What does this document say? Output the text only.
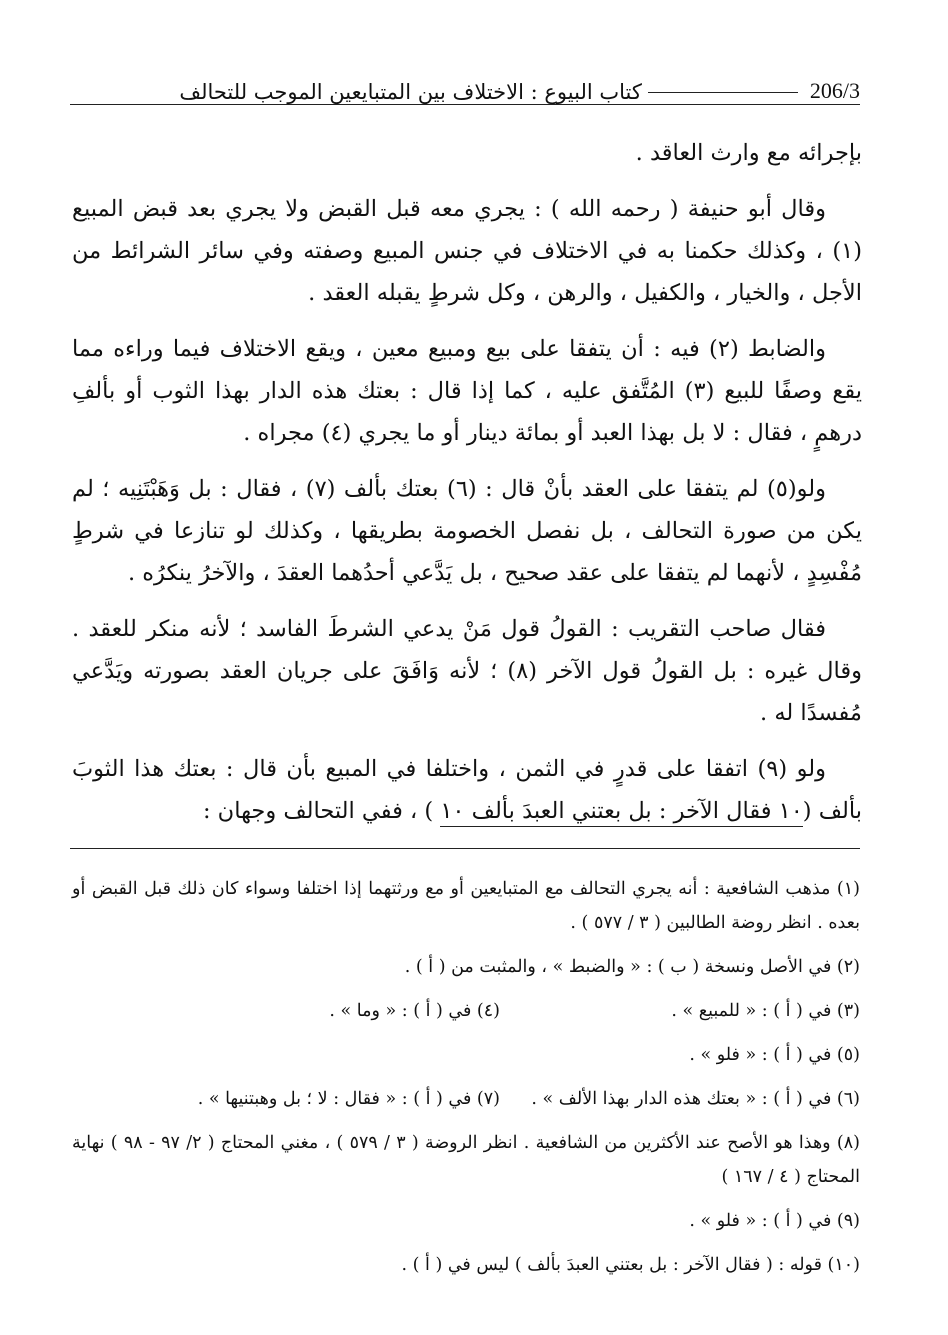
206/3
كتاب البيوع : الاختلاف بين المتبايعين الموجب للتحالف

بإجرائه مع وارث العاقد .

وقال أبو حنيفة ( رحمه الله ) : يجري معه قبل القبض ولا يجري بعد قبض المبيع (١) ، وكذلك حكمنا به في الاختلاف في جنس المبيع وصفته وفي سائر الشرائط من الأجل ، والخيار ، والكفيل ، والرهن ، وكل شرطٍ يقبله العقد .

والضابط (٢) فيه : أن يتفقا على بيع ومبيع معين ، ويقع الاختلاف فيما وراءه مما يقع وصفًا للبيع (٣) المُتَّفق عليه ، كما إذا قال : بعتك هذه الدار بهذا الثوب أو بألفِ درهمٍ ، فقال : لا بل بهذا العبد أو بمائة دينار أو ما يجري (٤) مجراه .

ولو(٥) لم يتفقا على العقد بأنْ قال : (٦) بعتك بألف (٧) ، فقال : بل وَهَبْتَنِيه ؛ لم يكن من صورة التحالف ، بل نفصل الخصومة بطريقها ، وكذلك لو تنازعا في شرطٍ مُفْسِدٍ ، لأنهما لم يتفقا على عقد صحيح ، بل يَدَّعي أحدُهما العقدَ ، والآخرُ ينكرُه .

فقال صاحب التقريب : القولُ قول مَنْ يدعي الشرطَ الفاسد ؛ لأنه منكر للعقد . وقال غيره : بل القولُ قول الآخر (٨) ؛ لأنه وَافَقَ على جريان العقد بصورته ويَدَّعي مُفسدًا له .

ولو (٩) اتفقا على قدرٍ في الثمن ، واختلفا في المبيع بأن قال : بعتك هذا الثوبَ بألف (١٠ فقال الآخر : بل بعتني العبدَ بألف ١٠ ) ، ففي التحالف وجهان :

(١) مذهب الشافعية : أنه يجري التحالف مع المتبايعين أو مع ورثتهما إذا اختلفا وسواء كان ذلك قبل القبض أو بعده . انظر روضة الطالبين ( ٣ / ٥٧٧ ) .
(٢) في الأصل ونسخة ( ب ) : « والضبط » ، والمثبت من ( أ ) .
(٣) في ( أ ) : « للمبيع » .
(٤) في ( أ ) : « وما » .
(٥) في ( أ ) : « فلو » .
(٦) في ( أ ) : « بعتك هذه الدار بهذا الألف » .
(٧) في ( أ ) : « فقال : لا ؛ بل وهبتنيها » .
(٨) وهذا هو الأصح عند الأكثرين من الشافعية . انظر الروضة ( ٣ / ٥٧٩ ) ، مغني المحتاج ( ٢/ ٩٧ - ٩٨ ) نهاية المحتاج ( ٤ / ١٦٧ )
(٩) في ( أ ) : « فلو » .
(١٠) قوله : ( فقال الآخر : بل بعتني العبدَ بألف ) ليس في ( أ ) .
